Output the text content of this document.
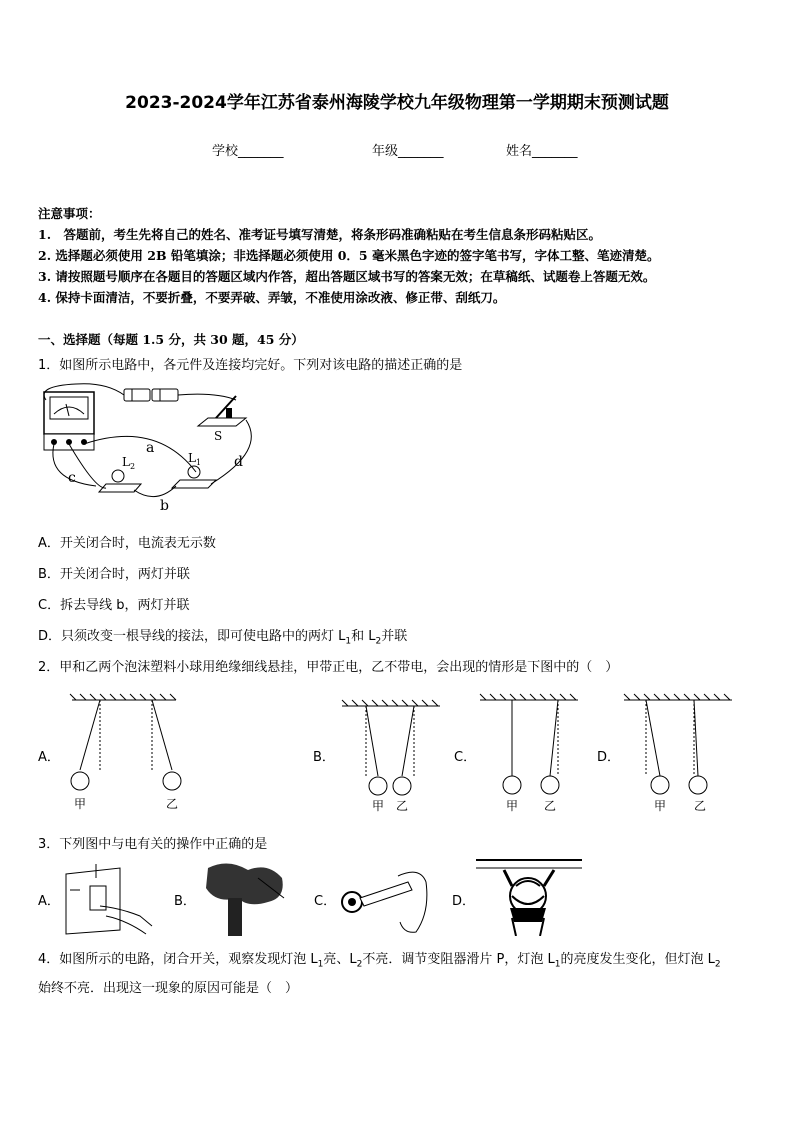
2023-2024学年江苏省泰州海陵学校九年级物理第一学期期末预测试题
学校_______	年级_______	姓名_______
注意事项：
1.　答题前，考生先将自己的姓名、准考证号填写清楚，将条形码准确粘贴在考生信息条形码粘贴区。
2. 选择题必须使用 2B 铅笔填涂；非选择题必须使用 0．5 毫米黑色字迹的签字笔书写，字体工整、笔迹清楚。
3. 请按照题号顺序在各题目的答题区域内作答，超出答题区域书写的答案无效；在草稿纸、试题卷上答题无效。
4. 保持卡面清洁，不要折叠，不要弄破、弄皱，不准使用涂改液、修正带、刮纸刀。
一、选择题（每题 1.5 分，共 30 题，45 分）
1．如图所示电路中，各元件及连接均完好。下列对该电路的描述正确的是
S
$L_2$
$L_1$
a
b
c
d
A．开关闭合时，电流表无示数
B．开关闭合时，两灯并联
C．拆去导线 b，两灯并联
D．只须改变一根导线的接法，即可使电路中的两灯 $L_1$和 $L_2$并联
2．甲和乙两个泡沫塑料小球用绝缘细线悬挂，甲带正电，乙不带电，会出现的情形是下图中的（　）
A．
甲	乙
B．
甲 乙
C．
甲 乙
D．
甲 乙
3．下列图中与电有关的操作中正确的是
A．	B．	C．	D．
4．如图所示的电路，闭合开关，观察发现灯泡 $L_1$亮、$L_2$不亮．调节变阻器滑片 P，灯泡 $L_1$的亮度发生变化，但灯泡 $L_2$
始终不亮．出现这一现象的原因可能是（　）
